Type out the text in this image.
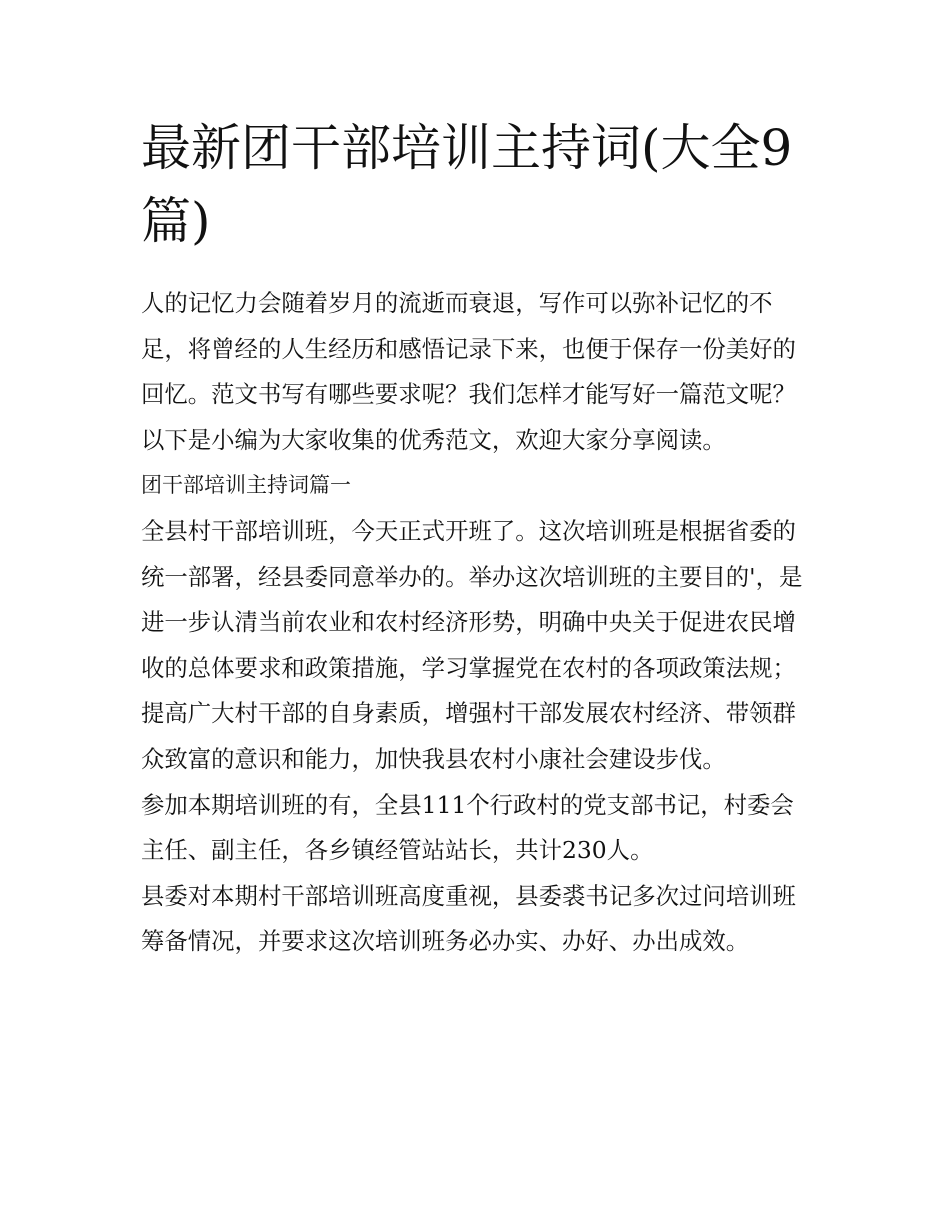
最新团干部培训主持词(大全9篇)

人的记忆力会随着岁月的流逝而衰退，写作可以弥补记忆的不足，将曾经的人生经历和感悟记录下来，也便于保存一份美好的回忆。范文书写有哪些要求呢？我们怎样才能写好一篇范文呢？以下是小编为大家收集的优秀范文，欢迎大家分享阅读。

团干部培训主持词篇一

全县村干部培训班，今天正式开班了。这次培训班是根据省委的统一部署，经县委同意举办的。举办这次培训班的主要目的'，是进一步认清当前农业和农村经济形势，明确中央关于促进农民增收的总体要求和政策措施，学习掌握党在农村的各项政策法规；提高广大村干部的自身素质，增强村干部发展农村经济、带领群众致富的意识和能力，加快我县农村小康社会建设步伐。

参加本期培训班的有，全县111个行政村的党支部书记，村委会主任、副主任，各乡镇经管站站长，共计230人。

县委对本期村干部培训班高度重视，县委裘书记多次过问培训班筹备情况，并要求这次培训班务必办实、办好、办出成效。
